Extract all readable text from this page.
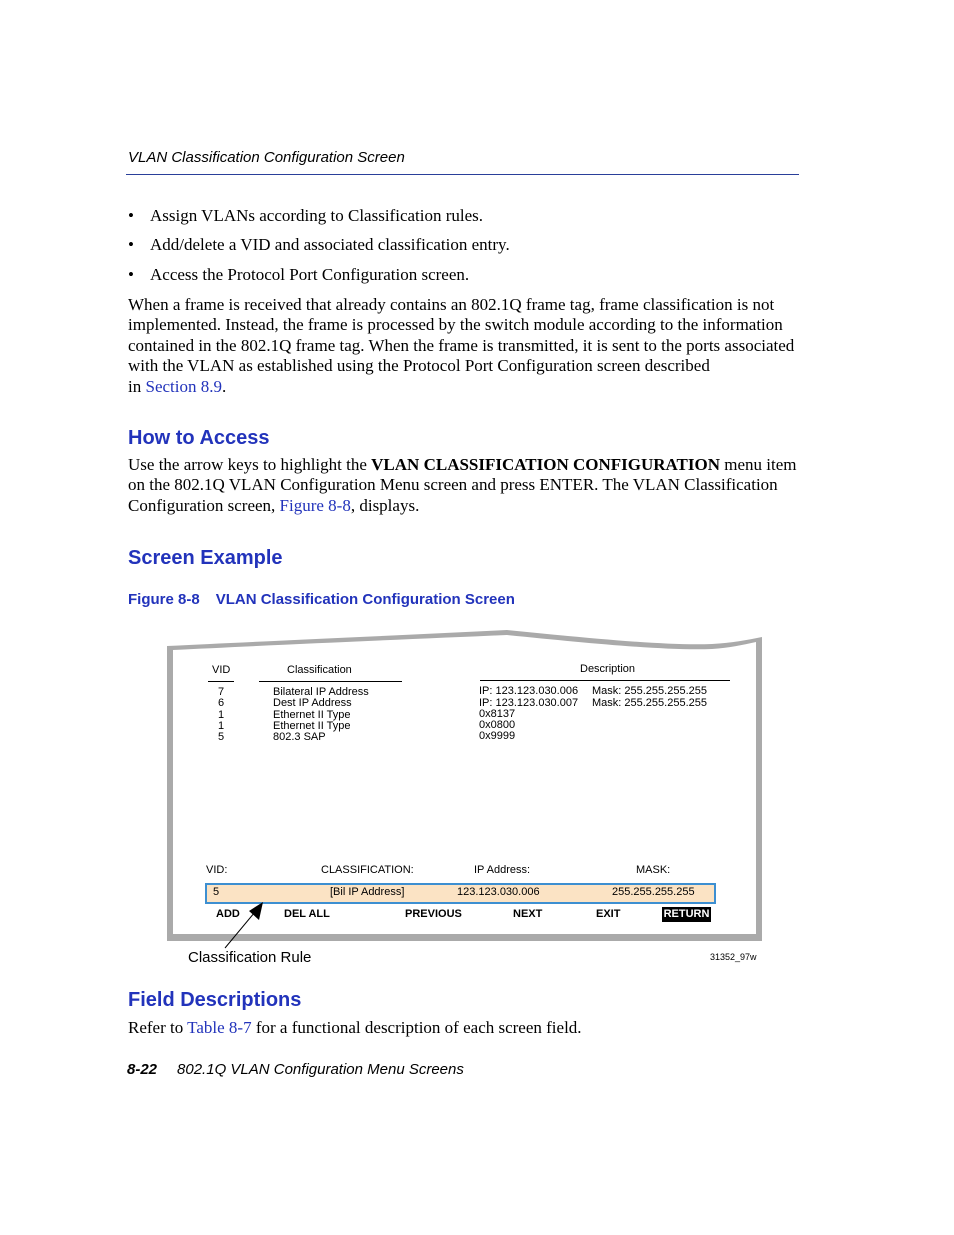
VLAN Classification Configuration Screen
• Assign VLANs according to Classification rules.
• Add/delete a VID and associated classification entry.
• Access the Protocol Port Configuration screen.
When a frame is received that already contains an 802.1Q frame tag, frame classification is not implemented. Instead, the frame is processed by the switch module according to the information contained in the 802.1Q frame tag. When the frame is transmitted, it is sent to the ports associated with the VLAN as established using the Protocol Port Configuration screen described
in Section 8.9.
How to Access
Use the arrow keys to highlight the VLAN CLASSIFICATION CONFIGURATION menu item on the 802.1Q VLAN Configuration Menu screen and press ENTER. The VLAN Classification Configuration screen, Figure 8-8, displays.
Screen Example
Figure 8-8 VLAN Classification Configuration Screen
VID	Classification	Description
7	Bilateral IP Address	IP: 123.123.030.006 Mask: 255.255.255.255
6	Dest IP Address	IP: 123.123.030.007 Mask: 255.255.255.255
1	Ethernet II Type	0x8137
1	Ethernet II Type	0x0800
5	802.3 SAP	0x9999
VID:	CLASSIFICATION:	IP Address:	MASK:
5	[Bil IP Address]	123.123.030.006	255.255.255.255
ADD	DEL ALL	PREVIOUS	NEXT	EXIT	RETURN
Classification Rule	31352_97w
Field Descriptions
Refer to Table 8-7 for a functional description of each screen field.
8-22 802.1Q VLAN Configuration Menu Screens
